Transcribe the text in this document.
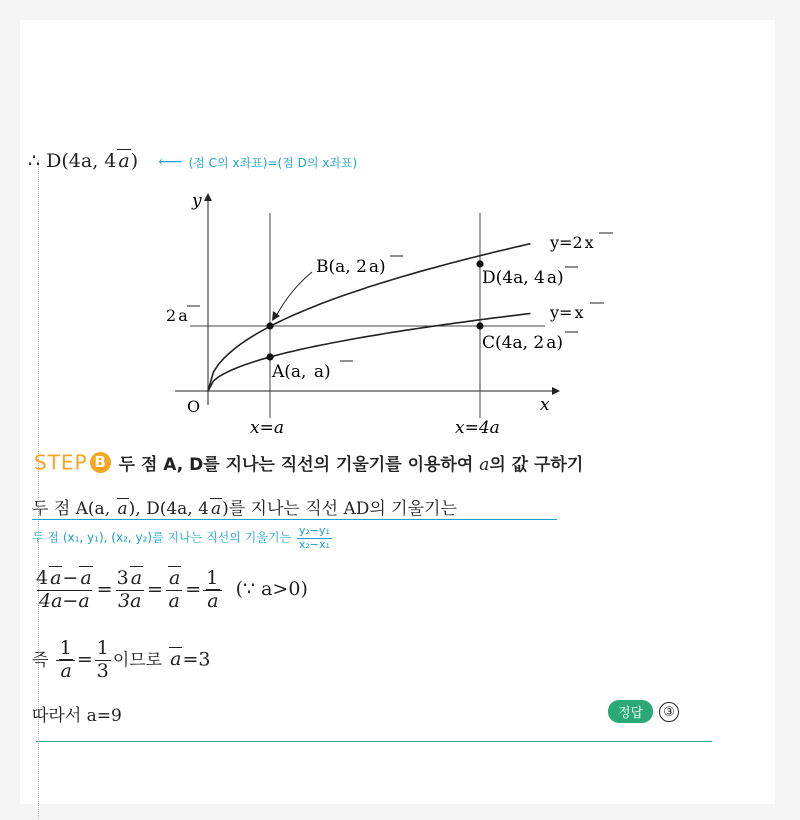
∴ D(4a, 4 a) ⟵ (점 C의 x좌표)=(점 D의 x좌표)
y
x
O
y=2 x
y= x
B(a, 2 a)
D(4a, 4 a)
C(4a, 2 a)
A(a, a)
2 a
x=a	x=4a
STEP B 두 점 A, D를 지나는 직선의 기울기를 이용하여 a의 값 구하기
두 점 A(a, a), D(4a, 4 a)를 지나는 직선 AD의 기울기는
두 점 (x₁, y₁), (x₂, y₂)를 지나는 직선의 기울기는 $\frac{\text{y₂−y₁}}{\text{x₂−x₁}}$
$\frac{4 a- a}{4a-a} = \frac{3 a}{3a} = \frac{a}{a} = \frac{1}{a}$ (∵ a>0)
즉 $\frac{1}{a} = \frac{1}{3}$ 이므로 a=3
따라서 a=9	정답 ③
